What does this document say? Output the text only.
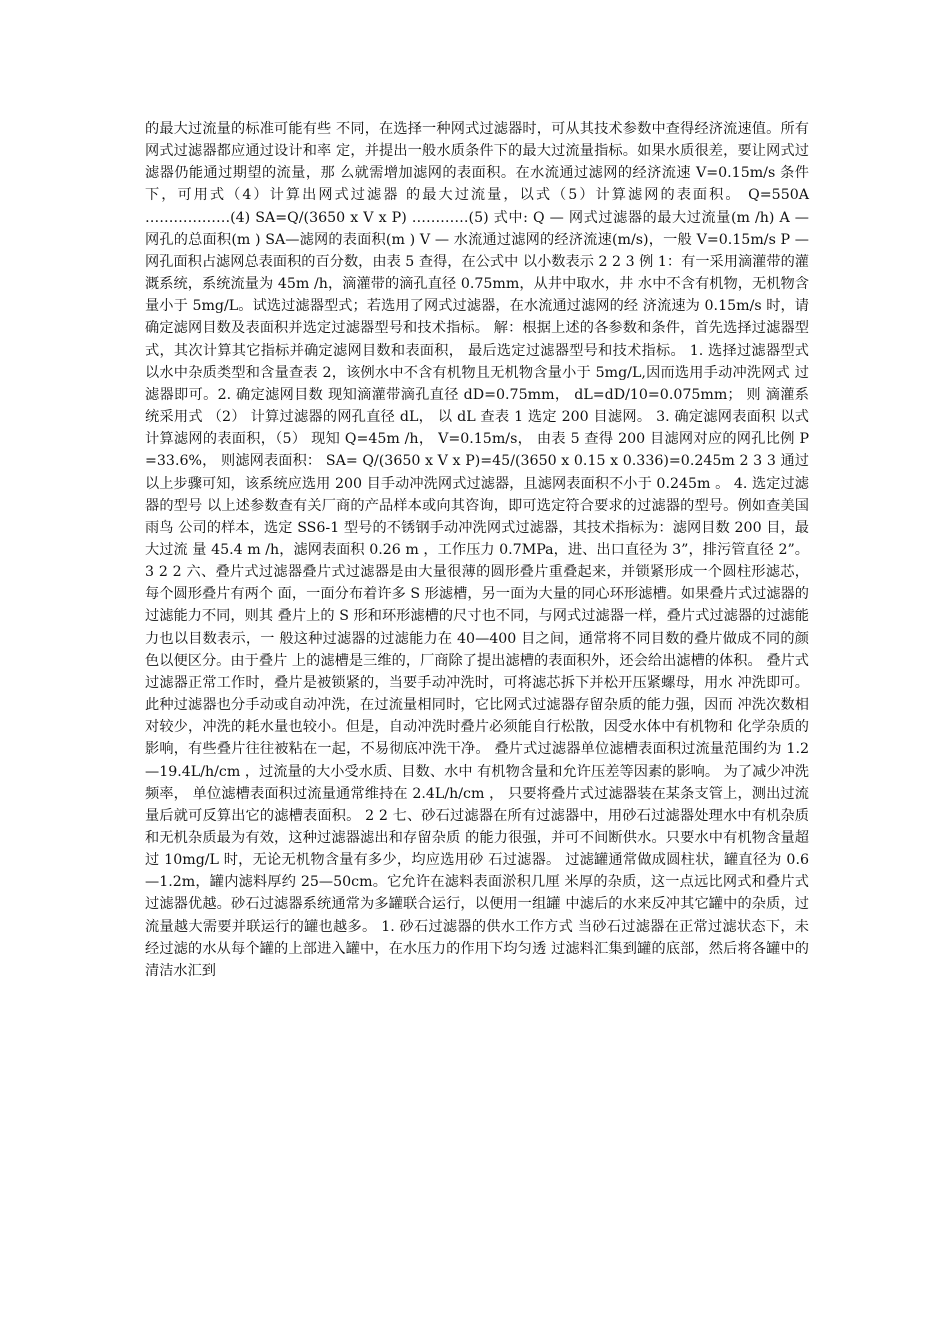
的最大过流量的标准可能有些 不同，在选择一种网式过滤器时，可从其技术参数中查得经济流速值。所有网式过滤器都应通过设计和率 定，并提出一般水质条件下的最大过流量指标。如果水质很差，要让网式过滤器仍能通过期望的流量，那 么就需增加滤网的表面积。在水流通过滤网的经济流速 V=0.15m/s 条件下，可用式（4）计算出网式过滤器 的最大过流量，以式（5）计算滤网的表面积。 Q=550A ………………(4) SA=Q/(3650 x V x P) …………(5) 式中: Q — 网式过滤器的最大过流量(m /h) A — 网孔的总面积(m ) SA—滤网的表面积(m ) V — 水流通过滤网的经济流速(m/s)，一般 V=0.15m/s P — 网孔面积占滤网总表面积的百分数，由表 5 查得，在公式中 以小数表示 2 2 3 例 1：有一采用滴灌带的灌溉系统，系统流量为 45m /h，滴灌带的滴孔直径 0.75mm，从井中取水，井 水中不含有机物，无机物含量小于 5mg/L。试选过滤器型式；若选用了网式过滤器，在水流通过滤网的经 济流速为 0.15m/s 时，请确定滤网目数及表面积并选定过滤器型号和技术指标。 解：根据上述的各参数和条件，首先选择过滤器型式，其次计算其它指标并确定滤网目数和表面积， 最后选定过滤器型号和技术指标。 1. 选择过滤器型式 以水中杂质类型和含量查表 2，该例水中不含有机物且无机物含量小于 5mg/L,因而选用手动冲洗网式 过滤器即可。2. 确定滤网目数 现知滴灌带滴孔直径 dD=0.75mm， dL=dD/10=0.075mm； 则 滴灌系统采用式 （2） 计算过滤器的网孔直径 dL， 以 dL 查表 1 选定 200 目滤网。 3. 确定滤网表面积 以式 计算滤网的表面积，（5） 现知 Q=45m /h， V=0.15m/s， 由表 5 查得 200 目滤网对应的网孔比例 P=33.6%， 则滤网表面积： SA= Q/(3650 x V x P)=45/(3650 x 0.15 x 0.336)=0.245m 2 3 3 通过以上步骤可知，该系统应选用 200 目手动冲洗网式过滤器，且滤网表面积不小于 0.245m 。 4. 选定过滤器的型号 以上述参数查有关厂商的产品样本或向其咨询，即可选定符合要求的过滤器的型号。例如查美国雨鸟 公司的样本，选定 SS6-1 型号的不锈钢手动冲洗网式过滤器，其技术指标为：滤网目数 200 目，最大过流 量 45.4 m /h，滤网表面积 0.26 m ，工作压力 0.7MPa，进、出口直径为 3”，排污管直径 2”。 3 2 2 六、叠片式过滤器叠片式过滤器是由大量很薄的圆形叠片重叠起来，并锁紧形成一个圆柱形滤芯，每个圆形叠片有两个 面，一面分布着许多 S 形滤槽，另一面为大量的同心环形滤槽。如果叠片式过滤器的过滤能力不同，则其 叠片上的 S 形和环形滤槽的尺寸也不同，与网式过滤器一样，叠片式过滤器的过滤能力也以目数表示，一 般这种过滤器的过滤能力在 40—400 目之间，通常将不同目数的叠片做成不同的颜色以便区分。由于叠片 上的滤槽是三维的，厂商除了提出滤槽的表面积外，还会给出滤槽的体积。 叠片式过滤器正常工作时，叠片是被锁紧的，当要手动冲洗时，可将滤芯拆下并松开压紧螺母，用水 冲洗即可。此种过滤器也分手动或自动冲洗，在过流量相同时，它比网式过滤器存留杂质的能力强，因而 冲洗次数相对较少，冲洗的耗水量也较小。但是，自动冲洗时叠片必须能自行松散，因受水体中有机物和 化学杂质的影响，有些叠片往往被粘在一起，不易彻底冲洗干净。 叠片式过滤器单位滤槽表面积过流量范围约为 1.2—19.4L/h/cm ，过流量的大小受水质、目数、水中 有机物含量和允许压差等因素的影响。 为了减少冲洗频率， 单位滤槽表面积过流量通常维持在 2.4L/h/cm ， 只要将叠片式过滤器装在某条支管上，测出过流量后就可反算出它的滤槽表面积。 2 2 七、砂石过滤器在所有过滤器中，用砂石过滤器处理水中有机杂质和无机杂质最为有效，这种过滤器滤出和存留杂质 的能力很强，并可不间断供水。只要水中有机物含量超过 10mg/L 时，无论无机物含量有多少，均应选用砂 石过滤器。 过滤罐通常做成圆柱状，罐直径为 0.6—1.2m，罐内滤料厚约 25—50cm。它允许在滤料表面淤积几厘 米厚的杂质，这一点远比网式和叠片式过滤器优越。砂石过滤器系统通常为多罐联合运行，以便用一组罐 中滤后的水来反冲其它罐中的杂质，过流量越大需要并联运行的罐也越多。 1. 砂石过滤器的供水工作方式 当砂石过滤器在正常过滤状态下，未经过滤的水从每个罐的上部进入罐中，在水压力的作用下均匀透 过滤料汇集到罐的底部，然后将各罐中的清洁水汇到
